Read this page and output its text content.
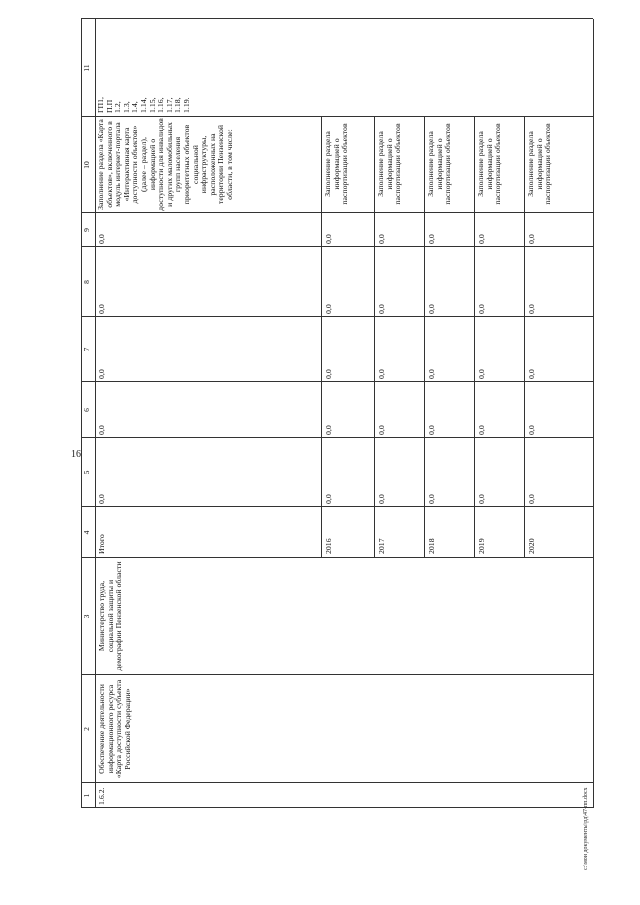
16
c:\мои документы\рд\47-пп.docx
1
2
3
4
5
6
7
8
9
10
11
1.6.2.
Обеспечение деятельности информационного ресурса «Карта доступности субъекта Российской Федерации»
Министерство труда, социальной защиты и демографии Пензенской области
Итого
0,0
0,0
0,0
0,0
0,0
Заполнение раздела «Карта объектов», включенного в модуль интернет-портала «Интерактивная карта доступности объектов» (далее – раздел), информацией о доступности для инвалидов и других маломобильных групп населения приоритетных объектов социальной инфраструктуры, расположенных на территории Пензенской области, в том числе:
ГП1, П.П 1.2, 1.3, 1.4, 1.14, 1.15, 1.16, 1.17, 1.18, 1.19.
2016
0,0
0,0
0,0
0,0
0,0
Заполнение раздела информацией о паспортизации объектов
2017
0,0
0,0
0,0
0,0
0,0
Заполнение раздела информацией о паспортизации объектов
2018
0,0
0,0
0,0
0,0
0,0
Заполнение раздела информацией о паспортизации объектов
2019
0,0
0,0
0,0
0,0
0,0
Заполнение раздела информацией о паспортизации объектов
2020
0,0
0,0
0,0
0,0
0,0
Заполнение раздела информацией о паспортизации объектов
